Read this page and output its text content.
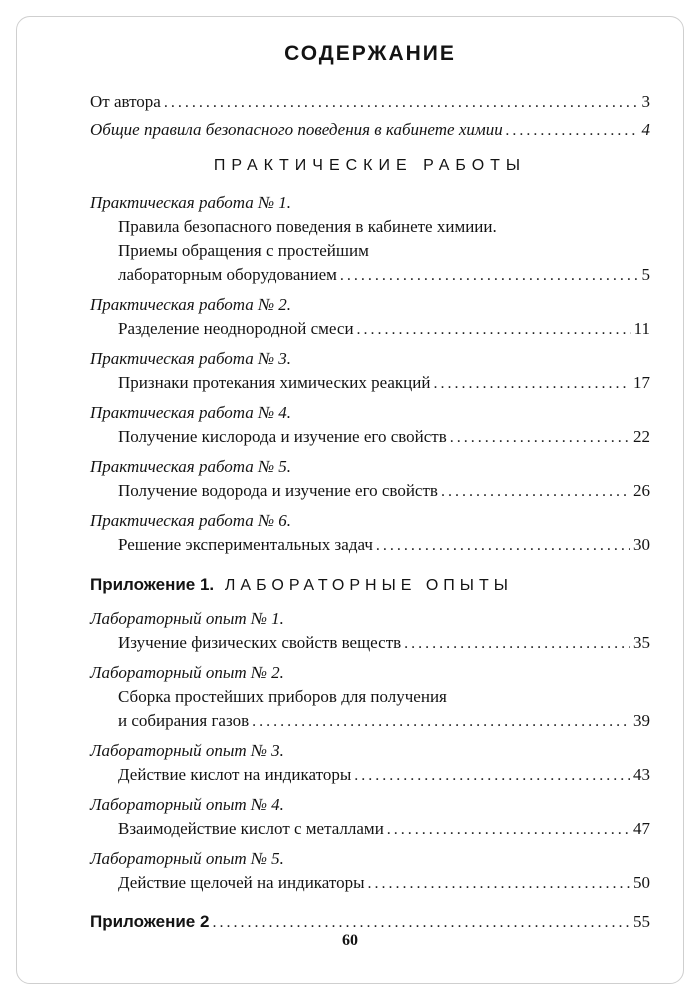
СОДЕРЖАНИЕ
От автора .....	3
Общие правила безопасного поведения в кабинете химии .....	4
ПРАКТИЧЕСКИЕ РАБОТЫ
Практическая работа № 1.
Правила безопасного поведения в кабинете химиии.
Приемы обращения с простейшим
лабораторным оборудованием .....	5
Практическая работа № 2.
Разделение неоднородной смеси .....	11
Практическая работа № 3.
Признаки протекания химических реакций .....	17
Практическая работа № 4.
Получение кислорода и изучение его свойств .....	22
Практическая работа № 5.
Получение водорода и изучение его свойств .....	26
Практическая работа № 6.
Решение экспериментальных задач .....	30
Приложение 1. ЛАБОРАТОРНЫЕ ОПЫТЫ
Лабораторный опыт № 1.
Изучение физических свойств веществ .....	35
Лабораторный опыт № 2.
Сборка простейших приборов для получения
и собирания газов .....	39
Лабораторный опыт № 3.
Действие кислот на индикаторы .....	43
Лабораторный опыт № 4.
Взаимодействие кислот с металлами .....	47
Лабораторный опыт № 5.
Действие щелочей на индикаторы .....	50
Приложение 2 .....	55
60
